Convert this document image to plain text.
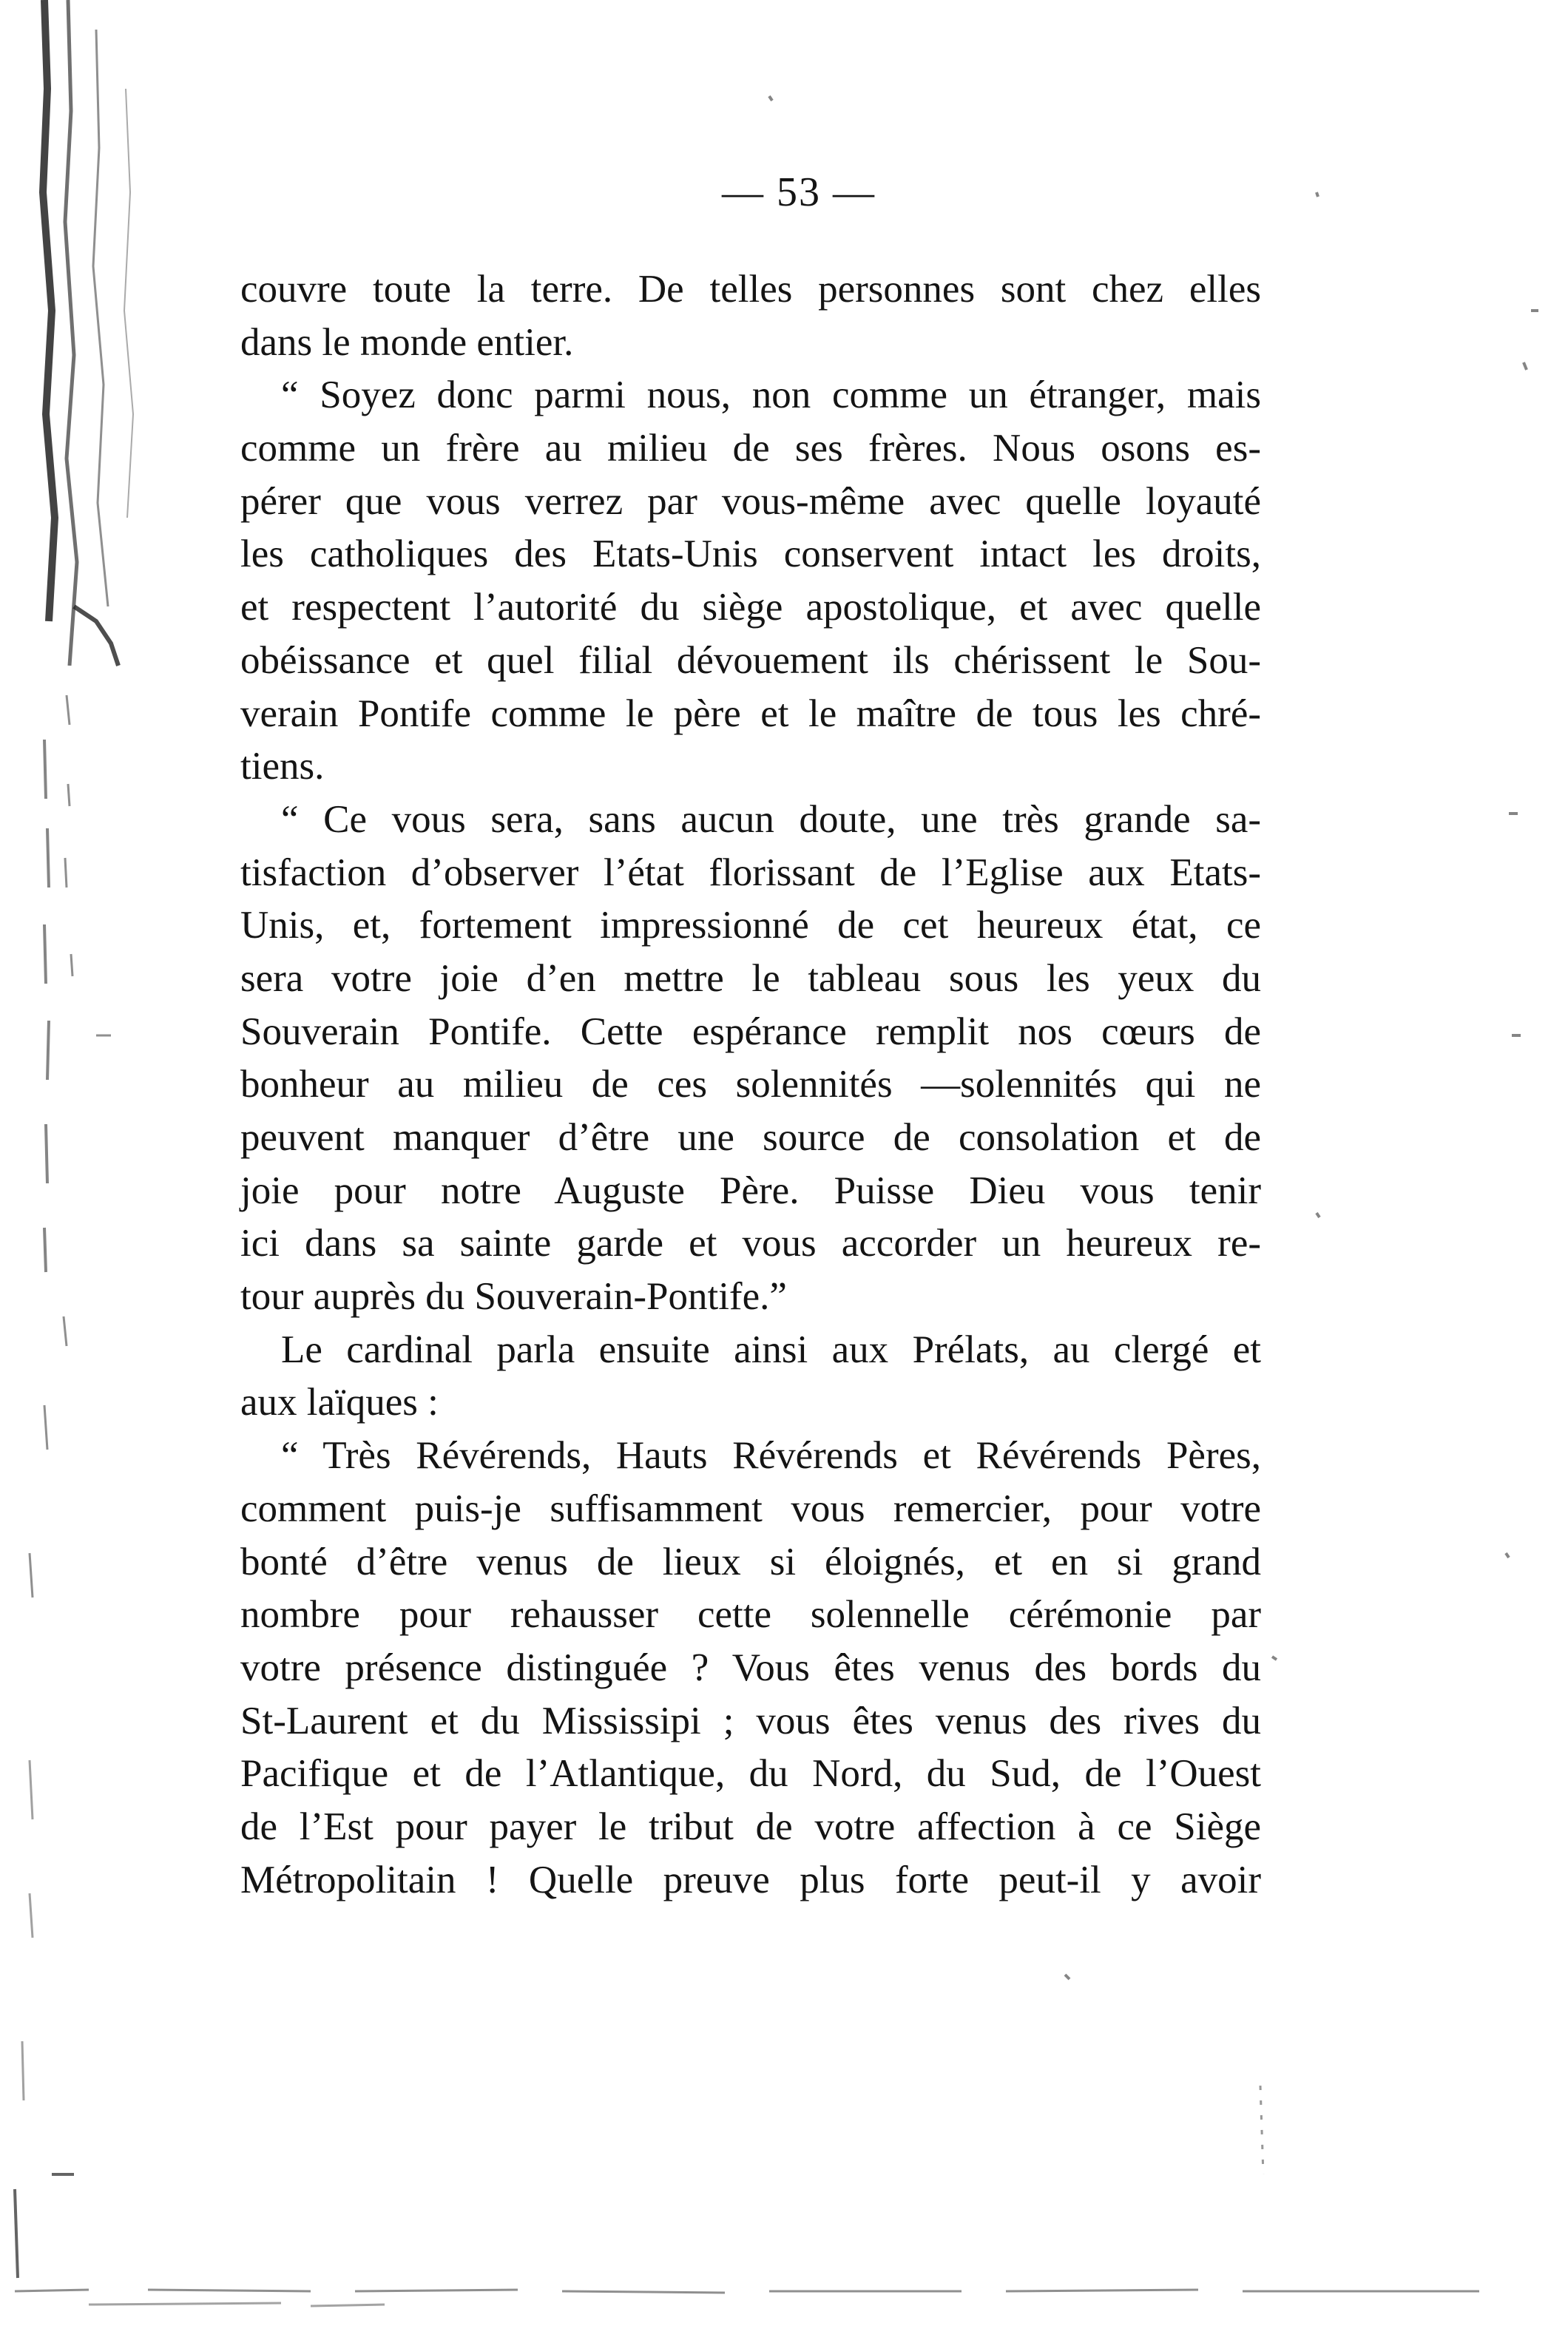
— 53 —
couvre toute la terre. De telles personnes sont chez elles
dans le monde entier.
“ Soyez donc parmi nous, non comme un étranger, mais
comme un frère au milieu de ses frères. Nous osons es-
pérer que vous verrez par vous-même avec quelle loyauté
les catholiques des Etats-Unis conservent intact les droits,
et respectent l’autorité du siège apostolique, et avec quelle
obéissance et quel filial dévouement ils chérissent le Sou-
verain Pontife comme le père et le maître de tous les chré-
tiens.
“ Ce vous sera, sans aucun doute, une très grande sa-
tisfaction d’observer l’état florissant de l’Eglise aux Etats-
Unis, et, fortement impressionné de cet heureux état, ce
sera votre joie d’en mettre le tableau sous les yeux du
Souverain Pontife. Cette espérance remplit nos cœurs de
bonheur au milieu de ces solennités —solennités qui ne
peuvent manquer d’être une source de consolation et de
joie pour notre Auguste Père. Puisse Dieu vous tenir
ici dans sa sainte garde et vous accorder un heureux re-
tour auprès du Souverain-Pontife.”
Le cardinal parla ensuite ainsi aux Prélats, au clergé et
aux laïques :
“ Très Révérends, Hauts Révérends et Révérends Pères,
comment puis-je suffisamment vous remercier, pour votre
bonté d’être venus de lieux si éloignés, et en si grand
nombre pour rehausser cette solennelle cérémonie par
votre présence distinguée ? Vous êtes venus des bords du
St-Laurent et du Mississipi ; vous êtes venus des rives du
Pacifique et de l’Atlantique, du Nord, du Sud, de l’Ouest
de l’Est pour payer le tribut de votre affection à ce Siège
Métropolitain ! Quelle preuve plus forte peut-il y avoir
